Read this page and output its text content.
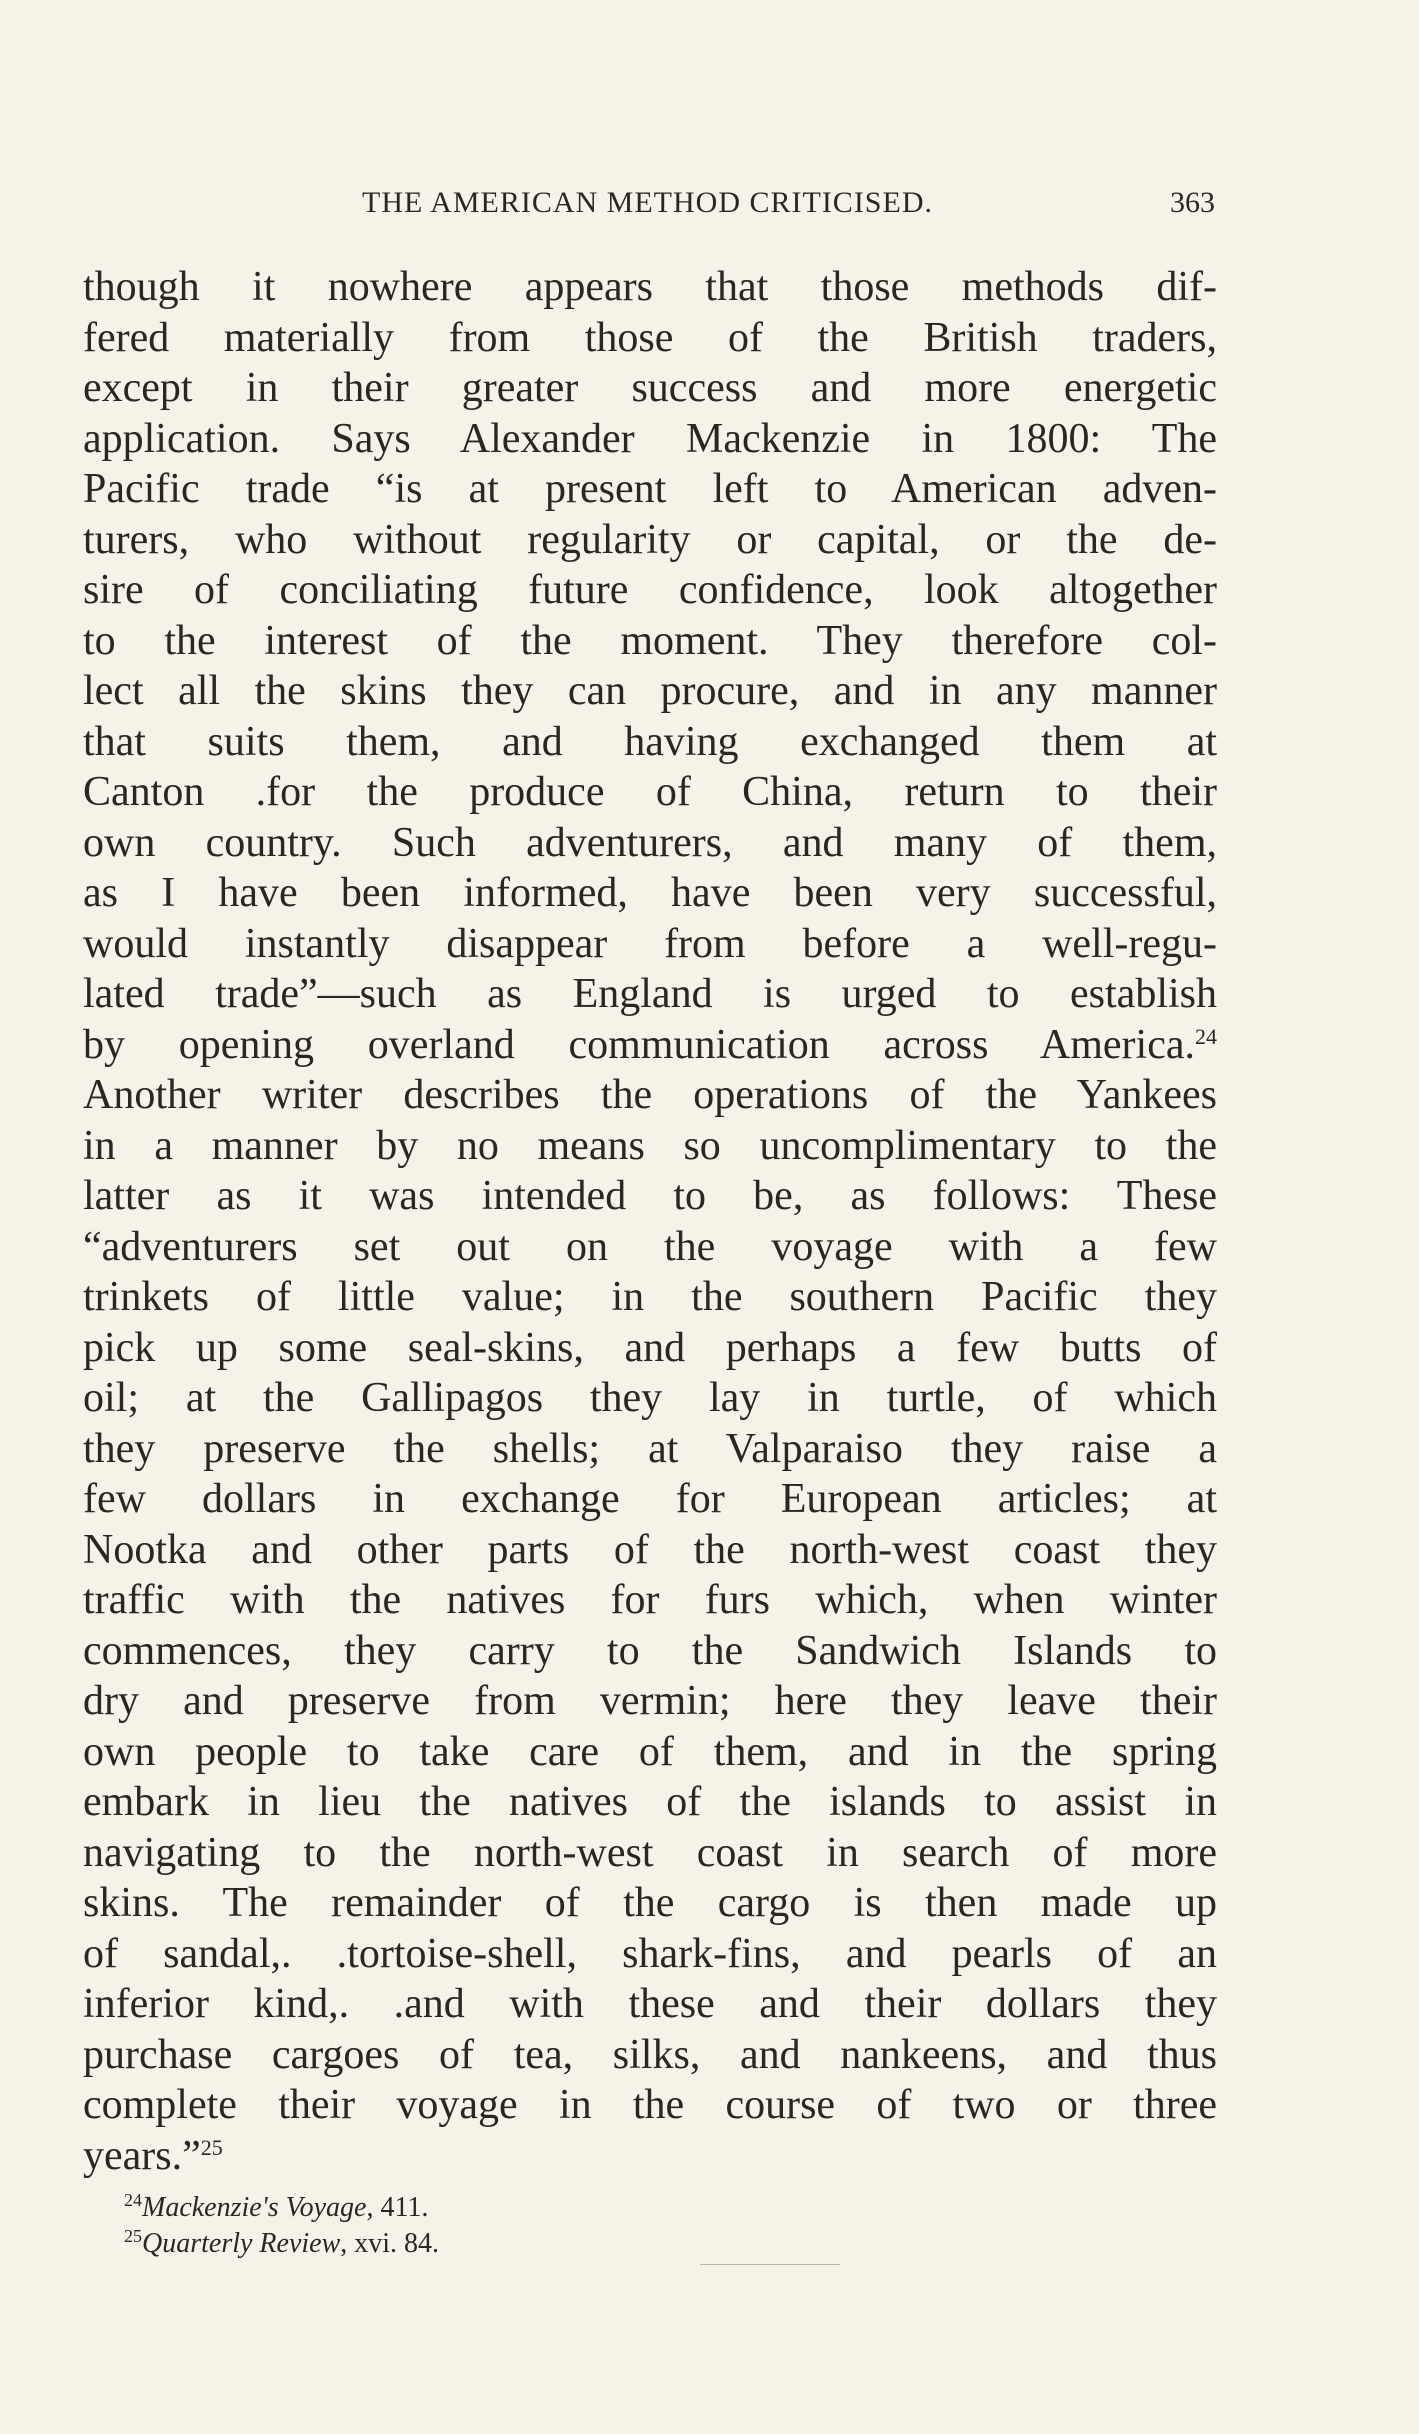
THE AMERICAN METHOD CRITICISED.	363
though it nowhere appears that those methods dif-
fered materially from those of the British traders,
except in their greater success and more energetic
application. Says Alexander Mackenzie in 1800: The
Pacific trade “is at present left to American adven-
turers, who without regularity or capital, or the de-
sire of conciliating future confidence, look altogether
to the interest of the moment. They therefore col-
lect all the skins they can procure, and in any manner
that suits them, and having exchanged them at
Canton .for the produce of China, return to their
own country. Such adventurers, and many of them,
as I have been informed, have been very successful,
would instantly disappear from before a well-regu-
lated trade”—such as England is urged to establish
by opening overland communication across America.$^{24}$
Another writer describes the operations of the Yankees
in a manner by no means so uncomplimentary to the
latter as it was intended to be, as follows: These
“adventurers set out on the voyage with a few
trinkets of little value; in the southern Pacific they
pick up some seal-skins, and perhaps a few butts of
oil; at the Gallipagos they lay in turtle, of which
they preserve the shells; at Valparaiso they raise a
few dollars in exchange for European articles; at
Nootka and other parts of the north-west coast they
traffic with the natives for furs which, when winter
commences, they carry to the Sandwich Islands to
dry and preserve from vermin; here they leave their
own people to take care of them, and in the spring
embark in lieu the natives of the islands to assist in
navigating to the north-west coast in search of more
skins. The remainder of the cargo is then made up
of sandal,. .tortoise-shell, shark-fins, and pearls of an
inferior kind,. .and with these and their dollars they
purchase cargoes of tea, silks, and nankeens, and thus
complete their voyage in the course of two or three
years.”$^{25}$
$^{24}$Mackenzie's Voyage, 411.
$^{25}$Quarterly Review, xvi. 84.
